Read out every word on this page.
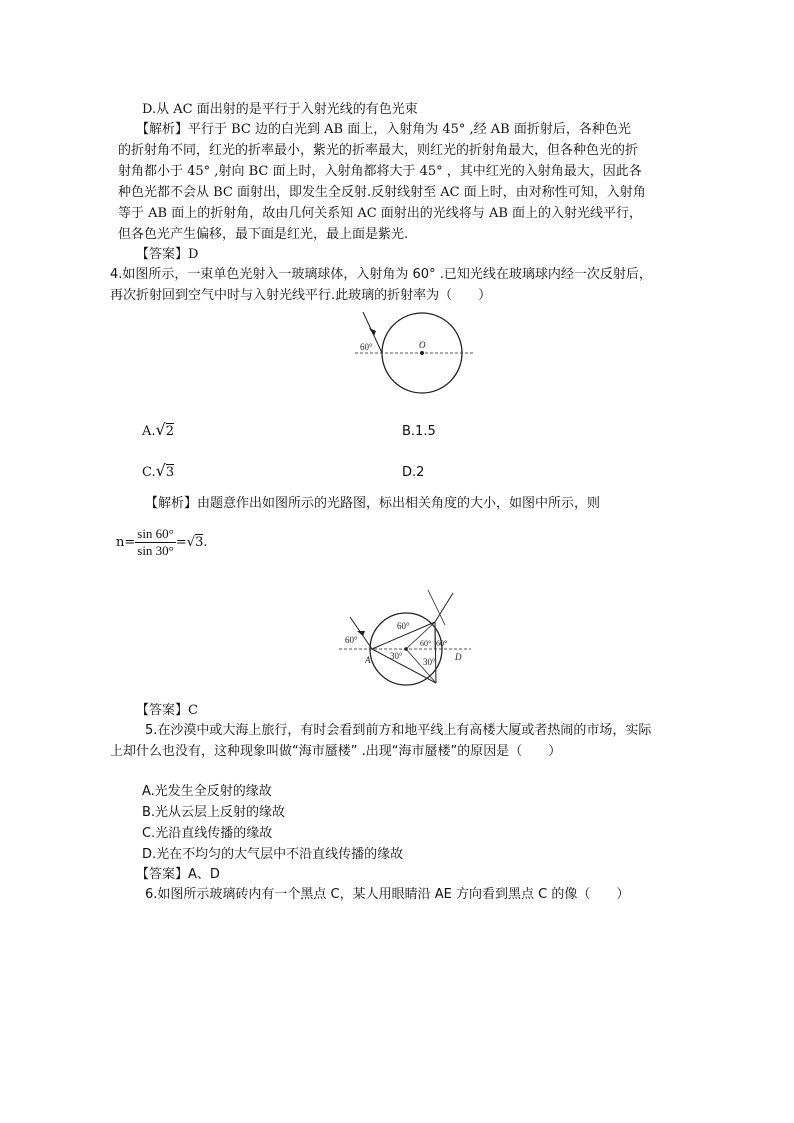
D.从 AC 面出射的是平行于入射光线的有色光束
【解析】平行于 BC 边的白光到 AB 面上，入射角为 45° ,经 AB 面折射后，各种色光
的折射角不同，红光的折率最小，紫光的折率最大，则红光的折射角最大，但各种色光的折
射角都小于 45° ,射向 BC 面上时，入射角都将大于 45° ，其中红光的入射角最大，因此各
种色光都不会从 BC 面射出，即发生全反射.反射线射至 AC 面上时，由对称性可知，入射角
等于 AB 面上的折射角，故由几何关系知 AC 面射出的光线将与 AB 面上的入射光线平行，
但各色光产生偏移，最下面是红光，最上面是紫光.
【答案】D
4.如图所示，一束单色光射入一玻璃球体，入射角为 60° .已知光线在玻璃球内经一次反射后，
再次折射回到空气中时与入射光线平行.此玻璃的折射率为（　　）
60°	O
A.√2	B.1.5
C.√3	D.2
【解析】由题意作出如图所示的光路图，标出相关角度的大小，如图中所示，则
$n= \frac{\sin 60^\circ}{\sin 30^\circ} =√3$.
60°
60°
60° 60°
30°
30°
A	D
【答案】C
5.在沙漠中或大海上旅行，有时会看到前方和地平线上有高楼大厦或者热闹的市场，实际
上却什么也没有，这种现象叫做“海市蜃楼” .出现“海市蜃楼”的原因是（　　）
A.光发生全反射的缘故
B.光从云层上反射的缘故
C.光沿直线传播的缘故
D.光在不均匀的大气层中不沿直线传播的缘故
【答案】A、D
6.如图所示玻璃砖内有一个黑点 C，某人用眼睛沿 AE 方向看到黑点 C 的像（　　）
